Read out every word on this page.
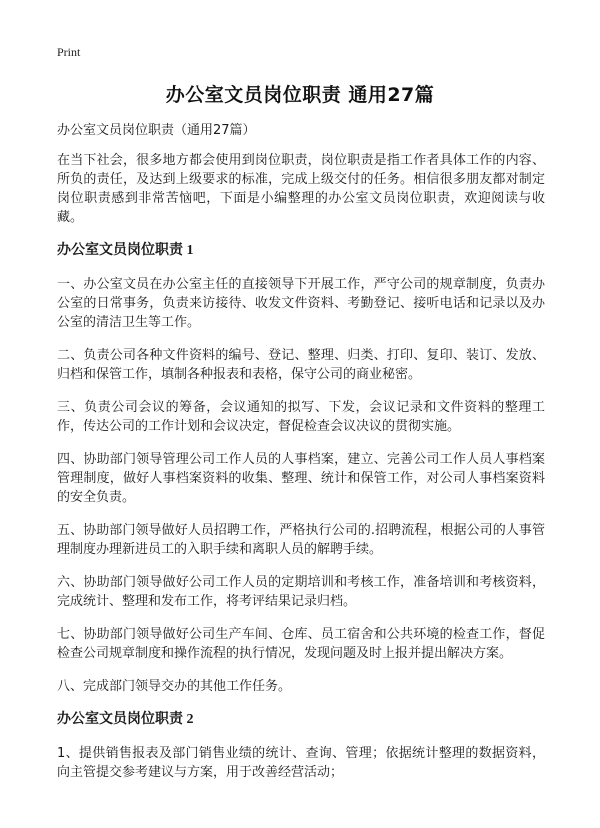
Print
办公室文员岗位职责 通用27篇
办公室文员岗位职责（通用27篇）

在当下社会，很多地方都会使用到岗位职责，岗位职责是指工作者具体工作的内容、所负的责任，及达到上级要求的标准，完成上级交付的任务。相信很多朋友都对制定岗位职责感到非常苦恼吧，下面是小编整理的办公室文员岗位职责，欢迎阅读与收藏。

办公室文员岗位职责 1

一、办公室文员在办公室主任的直接领导下开展工作，严守公司的规章制度，负责办公室的日常事务，负责来访接待、收发文件资料、考勤登记、接听电话和记录以及办公室的清洁卫生等工作。

二、负责公司各种文件资料的编号、登记、整理、归类、打印、复印、装订、发放、归档和保管工作，填制各种报表和表格，保守公司的商业秘密。

三、负责公司会议的筹备，会议通知的拟写、下发，会议记录和文件资料的整理工作，传达公司的工作计划和会议决定，督促检查会议决议的贯彻实施。

四、协助部门领导管理公司工作人员的人事档案，建立、完善公司工作人员人事档案管理制度，做好人事档案资料的收集、整理、统计和保管工作，对公司人事档案资料的安全负责。

五、协助部门领导做好人员招聘工作，严格执行公司的.招聘流程，根据公司的人事管理制度办理新进员工的入职手续和离职人员的解聘手续。

六、协助部门领导做好公司工作人员的定期培训和考核工作，准备培训和考核资料，完成统计、整理和发布工作，将考评结果记录归档。

七、协助部门领导做好公司生产车间、仓库、员工宿舍和公共环境的检查工作，督促检查公司规章制度和操作流程的执行情况，发现问题及时上报并提出解决方案。

八、完成部门领导交办的其他工作任务。

办公室文员岗位职责 2

1、提供销售报表及部门销售业绩的统计、查询、管理；依据统计整理的数据资料，向主管提交参考建议与方案，用于改善经营活动；
